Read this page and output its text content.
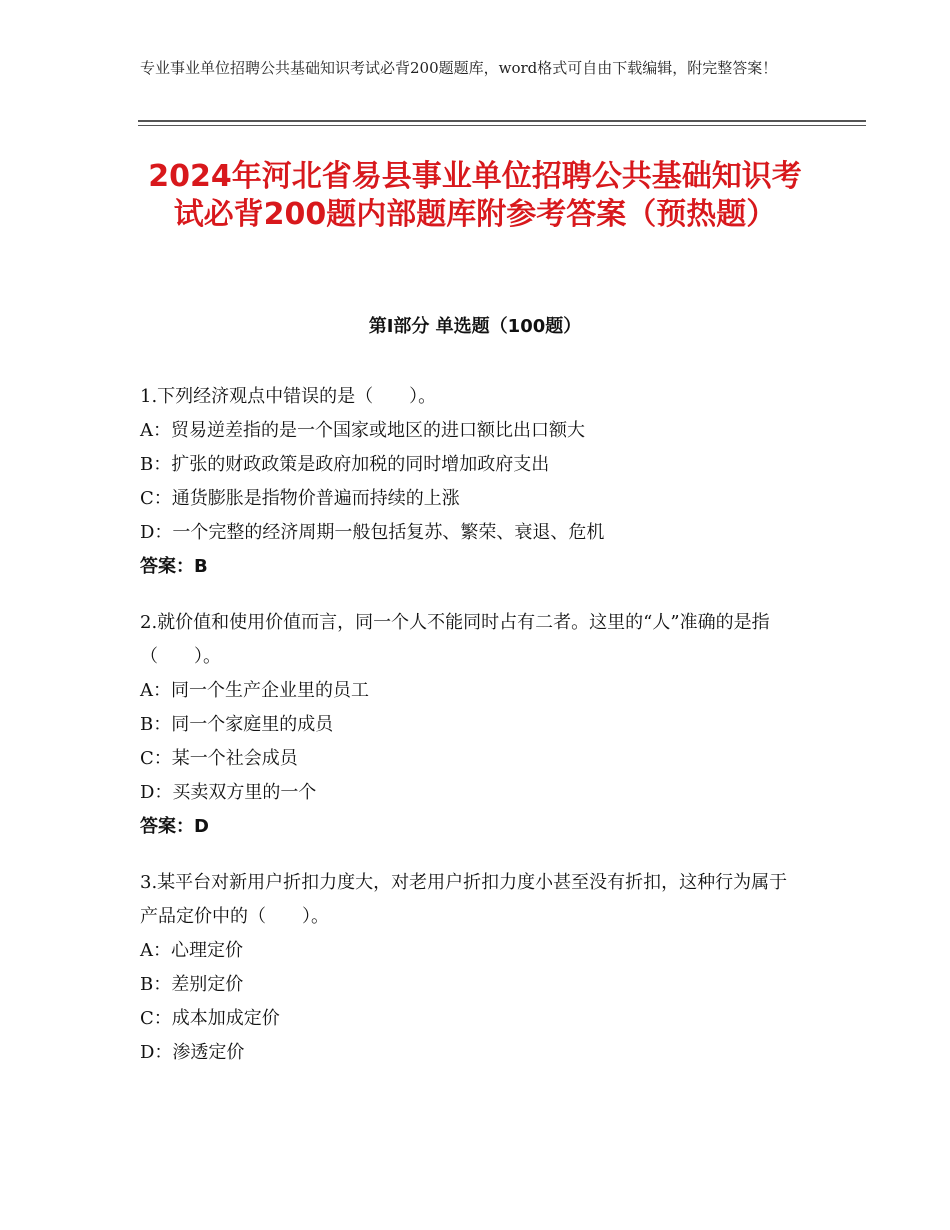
专业事业单位招聘公共基础知识考试必背200题题库，word格式可自由下载编辑，附完整答案！
2024年河北省易县事业单位招聘公共基础知识考试必背200题内部题库附参考答案（预热题）
第Ⅰ部分 单选题（100题）
1.下列经济观点中错误的是（　　）。
A：贸易逆差指的是一个国家或地区的进口额比出口额大
B：扩张的财政政策是政府加税的同时增加政府支出
C：通货膨胀是指物价普遍而持续的上涨
D：一个完整的经济周期一般包括复苏、繁荣、衰退、危机
答案：B
2.就价值和使用价值而言，同一个人不能同时占有二者。这里的“人”准确的是指（　　）。
A：同一个生产企业里的员工
B：同一个家庭里的成员
C：某一个社会成员
D：买卖双方里的一个
答案：D
3.某平台对新用户折扣力度大，对老用户折扣力度小甚至没有折扣，这种行为属于产品定价中的（　　）。
A：心理定价
B：差别定价
C：成本加成定价
D：渗透定价
